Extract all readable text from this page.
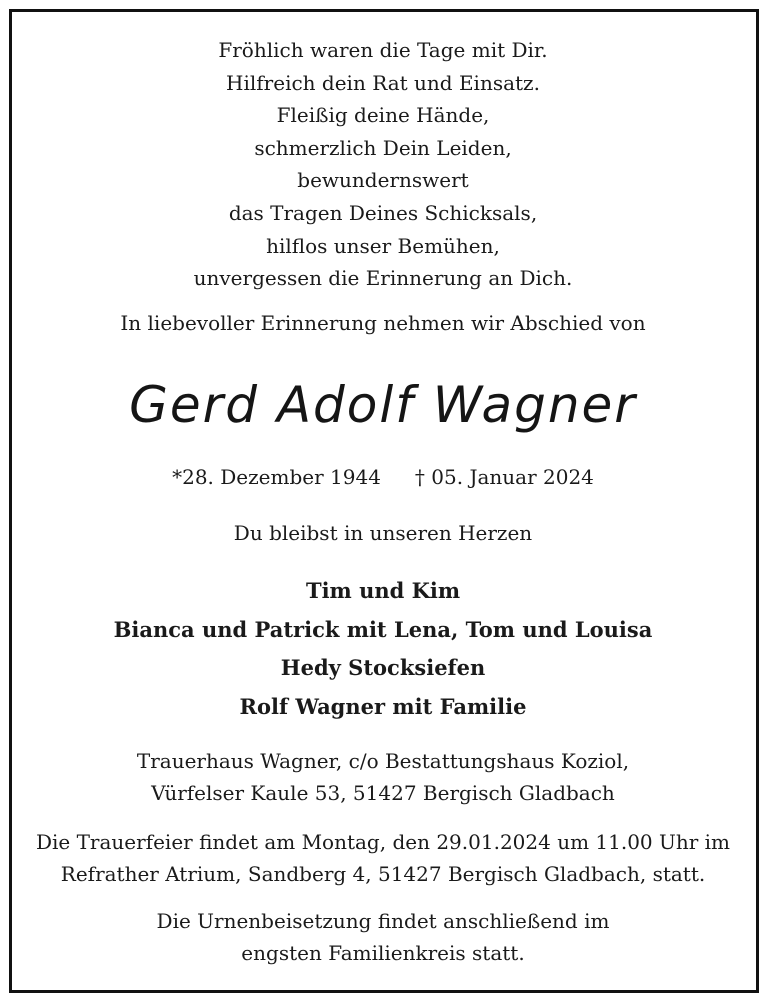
Fröhlich waren die Tage mit Dir.
Hilfreich dein Rat und Einsatz.
Fleißig deine Hände,
schmerzlich Dein Leiden,
bewundernswert
das Tragen Deines Schicksals,
hilflos unser Bemühen,
unvergessen die Erinnerung an Dich.
In liebevoller Erinnerung nehmen wir Abschied von
Gerd Adolf Wagner
*28. Dezember 1944 † 05. Januar 2024
Du bleibst in unseren Herzen
Tim und Kim
Bianca und Patrick mit Lena, Tom und Louisa
Hedy Stocksiefen
Rolf Wagner mit Familie
Trauerhaus Wagner, c/o Bestattungshaus Koziol,
Vürfelser Kaule 53, 51427 Bergisch Gladbach
Die Trauerfeier findet am Montag, den 29.01.2024 um 11.00 Uhr im
Refrather Atrium, Sandberg 4, 51427 Bergisch Gladbach, statt.
Die Urnenbeisetzung findet anschließend im
engsten Familienkreis statt.
